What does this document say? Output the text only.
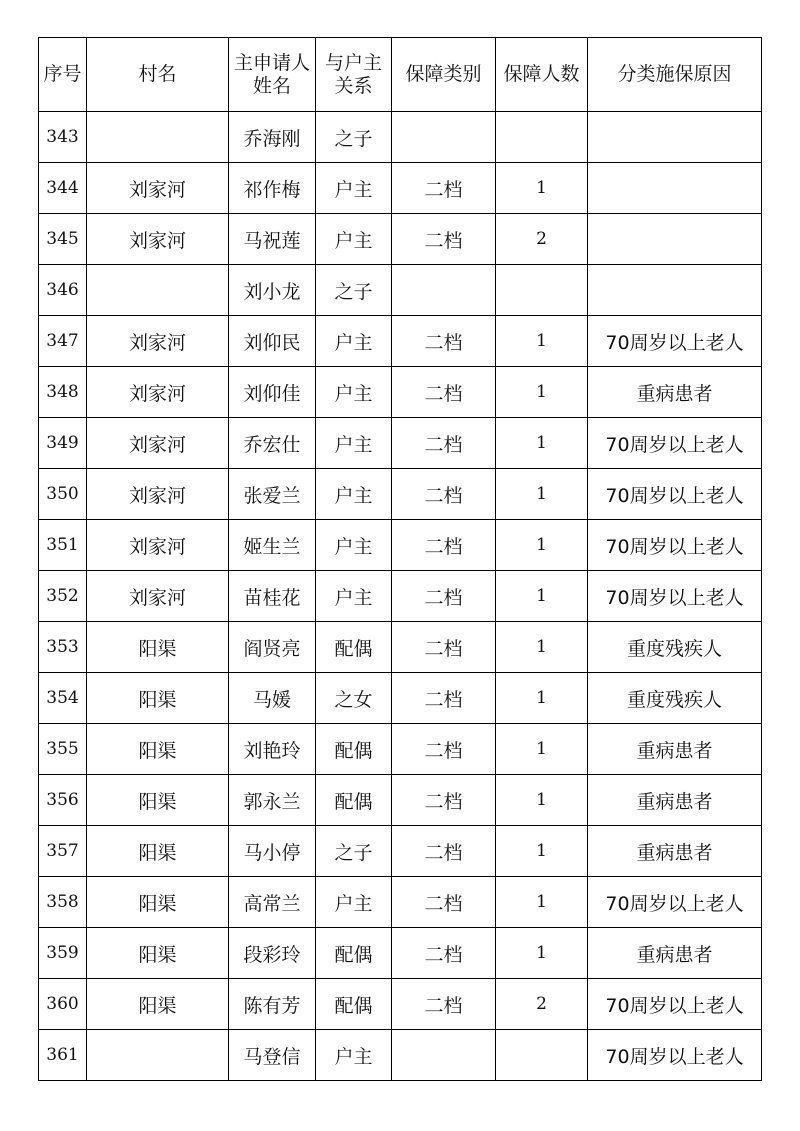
序号	村名	主申请人姓名	与户主关系	保障类别	保障人数	分类施保原因
343		乔海刚	之子			
344	刘家河	祁作梅	户主	二档	1	
345	刘家河	马祝莲	户主	二档	2	
346		刘小龙	之子			
347	刘家河	刘仰民	户主	二档	1	70周岁以上老人
348	刘家河	刘仰佳	户主	二档	1	重病患者
349	刘家河	乔宏仕	户主	二档	1	70周岁以上老人
350	刘家河	张爱兰	户主	二档	1	70周岁以上老人
351	刘家河	姬生兰	户主	二档	1	70周岁以上老人
352	刘家河	苗桂花	户主	二档	1	70周岁以上老人
353	阳渠	阎贤亮	配偶	二档	1	重度残疾人
354	阳渠	马媛	之女	二档	1	重度残疾人
355	阳渠	刘艳玲	配偶	二档	1	重病患者
356	阳渠	郭永兰	配偶	二档	1	重病患者
357	阳渠	马小停	之子	二档	1	重病患者
358	阳渠	高常兰	户主	二档	1	70周岁以上老人
359	阳渠	段彩玲	配偶	二档	1	重病患者
360	阳渠	陈有芳	配偶	二档	2	70周岁以上老人
361		马登信	户主			70周岁以上老人
